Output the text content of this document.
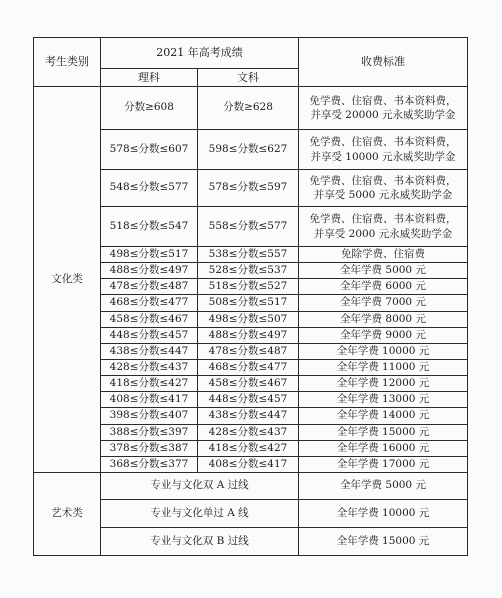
考生类别	2021 年高考成绩		收费标准
	理科	文科	
文化类	分数≥608	分数≥628	免学费、住宿费、书本资料费，
并享受 20000 元永威奖助学金

	578≤分数≤607	598≤分数≤627	免学费、住宿费、书本资料费，
并享受 10000 元永威奖助学金

	548≤分数≤577	578≤分数≤597	免学费、住宿费、书本资料费，
并享受 5000 元永威奖助学金

	518≤分数≤547	558≤分数≤577	免学费、住宿费、书本资料费，
并享受 2000 元永威奖助学金

	498≤分数≤517	538≤分数≤557	免除学费、住宿费
	488≤分数≤497	528≤分数≤537	全年学费 5000 元
	478≤分数≤487	518≤分数≤527	全年学费 6000 元
	468≤分数≤477	508≤分数≤517	全年学费 7000 元
	458≤分数≤467	498≤分数≤507	全年学费 8000 元
	448≤分数≤457	488≤分数≤497	全年学费 9000 元
	438≤分数≤447	478≤分数≤487	全年学费 10000 元
	428≤分数≤437	468≤分数≤477	全年学费 11000 元
	418≤分数≤427	458≤分数≤467	全年学费 12000 元
	408≤分数≤417	448≤分数≤457	全年学费 13000 元
	398≤分数≤407	438≤分数≤447	全年学费 14000 元
	388≤分数≤397	428≤分数≤437	全年学费 15000 元
	378≤分数≤387	418≤分数≤427	全年学费 16000 元
	368≤分数≤377	408≤分数≤417	全年学费 17000 元
艺术类	专业与文化双 A 过线		全年学费 5000 元
	专业与文化单过 A 线		全年学费 10000 元
	专业与文化双 B 过线		全年学费 15000 元
